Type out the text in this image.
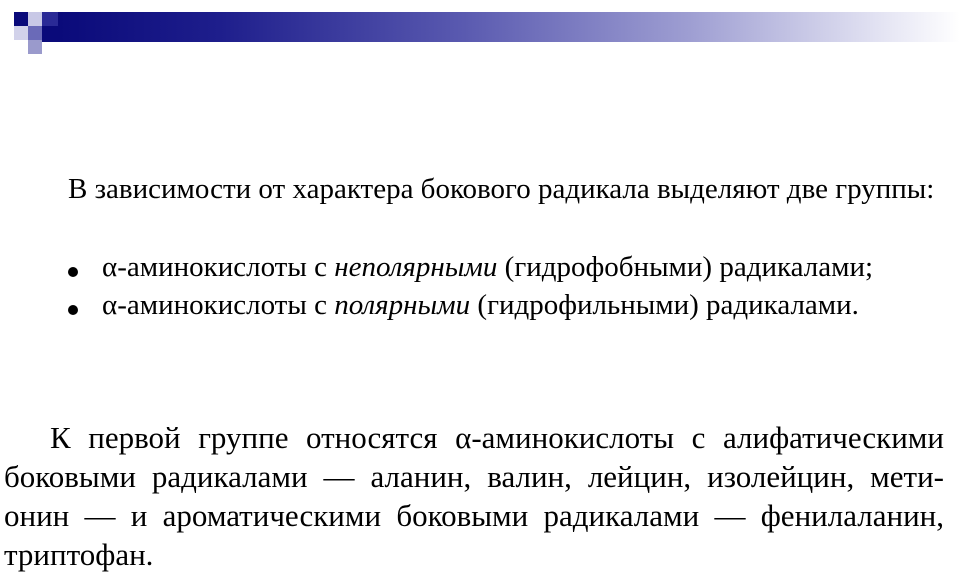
В зависимости от характера бокового радикала выделяют две группы:
α-аминокислоты с неполярными (гидрофобными) радикалами;
α-аминокислоты с полярными (гидрофильными) радикалами.
К первой группе относятся α-аминокислоты с алифатическими боковыми радикалами — аланин, валин, лейцин, изолейцин, мети-онин — и ароматическими боковыми радикалами — фенилаланин, триптофан.
